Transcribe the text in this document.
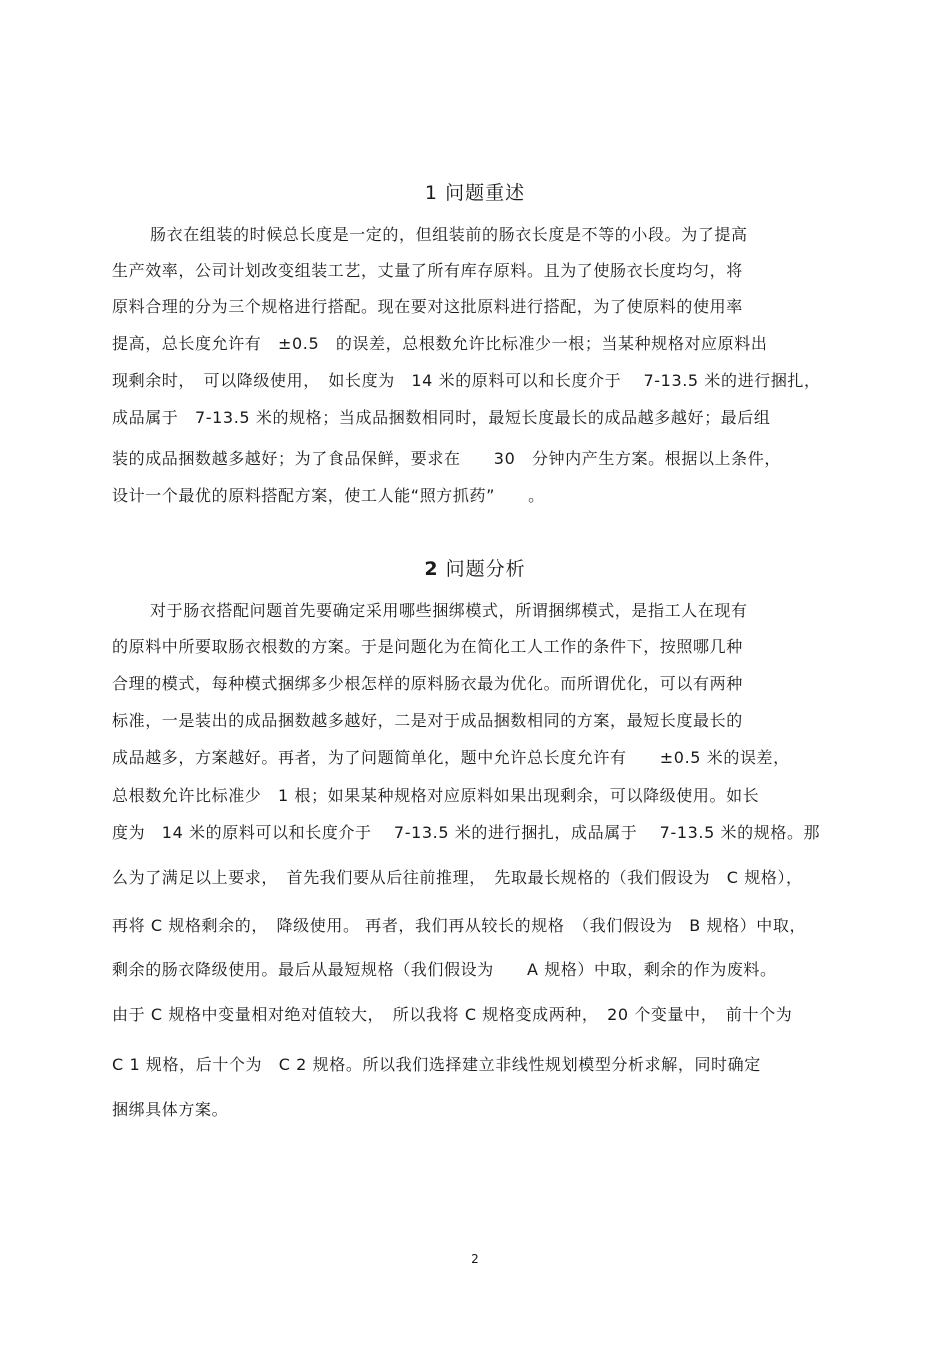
1 问题重述
肠衣在组装的时候总长度是一定的，但组装前的肠衣长度是不等的小段。为了提高
生产效率，公司计划改变组装工艺，丈量了所有库存原料。且为了使肠衣长度均匀，将
原料合理的分为三个规格进行搭配。现在要对这批原料进行搭配，为了使原料的使用率
提高，总长度允许有　±0.5　的误差，总根数允许比标准少一根；当某种规格对应原料出
现剩余时，　可以降级使用，　如长度为　14 米的原料可以和长度介于　 7-13.5 米的进行捆扎，
成品属于　7-13.5 米的规格；当成品捆数相同时，最短长度最长的成品越多越好；最后组
装的成品捆数越多越好；为了食品保鲜，要求在　　30　分钟内产生方案。根据以上条件，
设计一个最优的原料搭配方案，使工人能“照方抓药”　　。
2 问题分析
对于肠衣搭配问题首先要确定采用哪些捆绑模式，所谓捆绑模式，是指工人在现有
的原料中所要取肠衣根数的方案。于是问题化为在简化工人工作的条件下，按照哪几种
合理的模式，每种模式捆绑多少根怎样的原料肠衣最为优化。而所谓优化，可以有两种
标准，一是装出的成品捆数越多越好，二是对于成品捆数相同的方案，最短长度最长的
成品越多，方案越好。再者，为了问题简单化，题中允许总长度允许有　　±0.5 米的误差，
总根数允许比标准少　1 根；如果某种规格对应原料如果出现剩余，可以降级使用。如长
度为　14 米的原料可以和长度介于　 7-13.5 米的进行捆扎，成品属于　 7-13.5 米的规格。那
么为了满足以上要求，　首先我们要从后往前推理，　先取最长规格的（我们假设为　C 规格），
再将 C 规格剩余的，　降级使用。 再者，我们再从较长的规格　（我们假设为　B 规格）中取，
剩余的肠衣降级使用。最后从最短规格（我们假设为　　A 规格）中取，剩余的作为废料。
由于 C 规格中变量相对绝对值较大，　所以我将 C 规格变成两种，　20 个变量中，　前十个为
C 1 规格，后十个为　C 2 规格。所以我们选择建立非线性规划模型分析求解，同时确定
捆绑具体方案。
2
